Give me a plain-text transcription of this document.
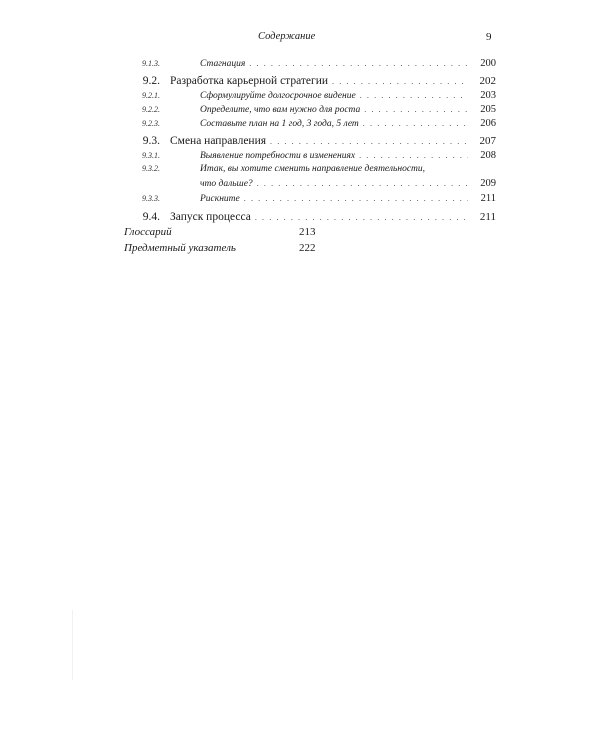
Содержание	9
9.1.3.	Стагнация . . .	200
9.2. Разработка карьерной стратегии . . .	202
9.2.1.	Сформулируйте долгосрочное видение . . .	203
9.2.2.	Определите, что вам нужно для роста . . .	205
9.2.3.	Составьте план на 1 год, 3 года, 5 лет . . .	206
9.3. Смена направления . . .	207
9.3.1.	Выявление потребности в изменениях . . .	208
9.3.2.	Итак, вы хотите сменить направление деятельности,
что дальше? . . .	209
9.3.3.	Рискните . . .	211
9.4. Запуск процесса . . .	211
Глоссарий	213
Предметный указатель	222
